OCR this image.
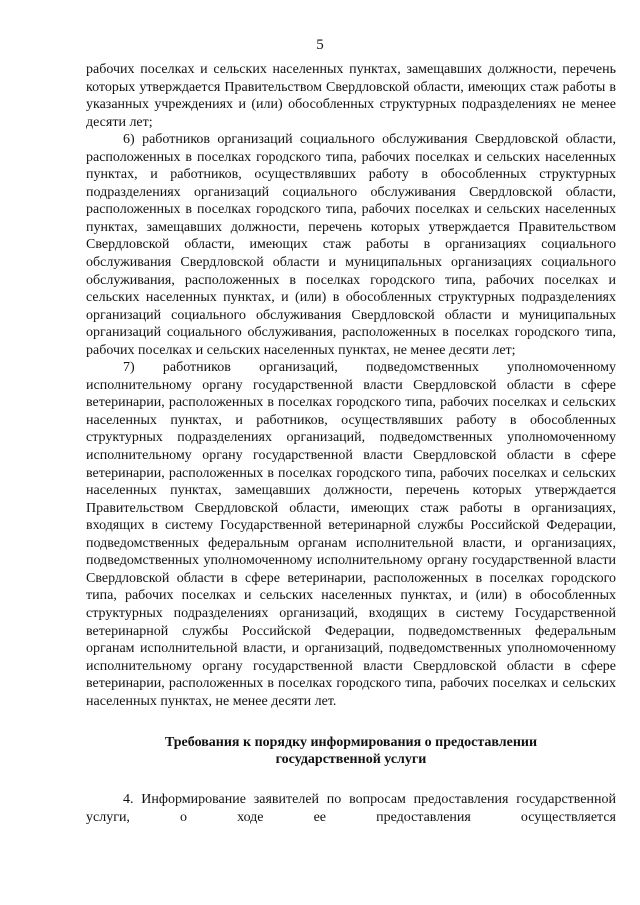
5

рабочих поселках и сельских населенных пунктах, замещавших должности, перечень которых утверждается Правительством Свердловской области, имеющих стаж работы в указанных учреждениях и (или) обособленных структурных подразделениях не менее десяти лет;

6) работников организаций социального обслуживания Свердловской области, расположенных в поселках городского типа, рабочих поселках и сельских населенных пунктах, и работников, осуществлявших работу в обособленных структурных подразделениях организаций социального обслуживания Свердловской области, расположенных в поселках городского типа, рабочих поселках и сельских населенных пунктах, замещавших должности, перечень которых утверждается Правительством Свердловской области, имеющих стаж работы в организациях социального обслуживания Свердловской области и муниципальных организациях социального обслуживания, расположенных в поселках городского типа, рабочих поселках и сельских населенных пунктах, и (или) в обособленных структурных подразделениях организаций социального обслуживания Свердловской области и муниципальных организаций социального обслуживания, расположенных в поселках городского типа, рабочих поселках и сельских населенных пунктах, не менее десяти лет;

7) работников организаций, подведомственных уполномоченному исполнительному органу государственной власти Свердловской области в сфере ветеринарии, расположенных в поселках городского типа, рабочих поселках и сельских населенных пунктах, и работников, осуществлявших работу в обособленных структурных подразделениях организаций, подведомственных уполномоченному исполнительному органу государственной власти Свердловской области в сфере ветеринарии, расположенных в поселках городского типа, рабочих поселках и сельских населенных пунктах, замещавших должности, перечень которых утверждается Правительством Свердловской области, имеющих стаж работы в организациях, входящих в систему Государственной ветеринарной службы Российской Федерации, подведомственных федеральным органам исполнительной власти, и организациях, подведомственных уполномоченному исполнительному органу государственной власти Свердловской области в сфере ветеринарии, расположенных в поселках городского типа, рабочих поселках и сельских населенных пунктах, и (или) в обособленных структурных подразделениях организаций, входящих в систему Государственной ветеринарной службы Российской Федерации, подведомственных федеральным органам исполнительной власти, и организаций, подведомственных уполномоченному исполнительному органу государственной власти Свердловской области в сфере ветеринарии, расположенных в поселках городского типа, рабочих поселках и сельских населенных пунктах, не менее десяти лет.

Требования к порядку информирования о предоставлении государственной услуги

4. Информирование заявителей по вопросам предоставления государственной услуги, о ходе ее предоставления осуществляется
